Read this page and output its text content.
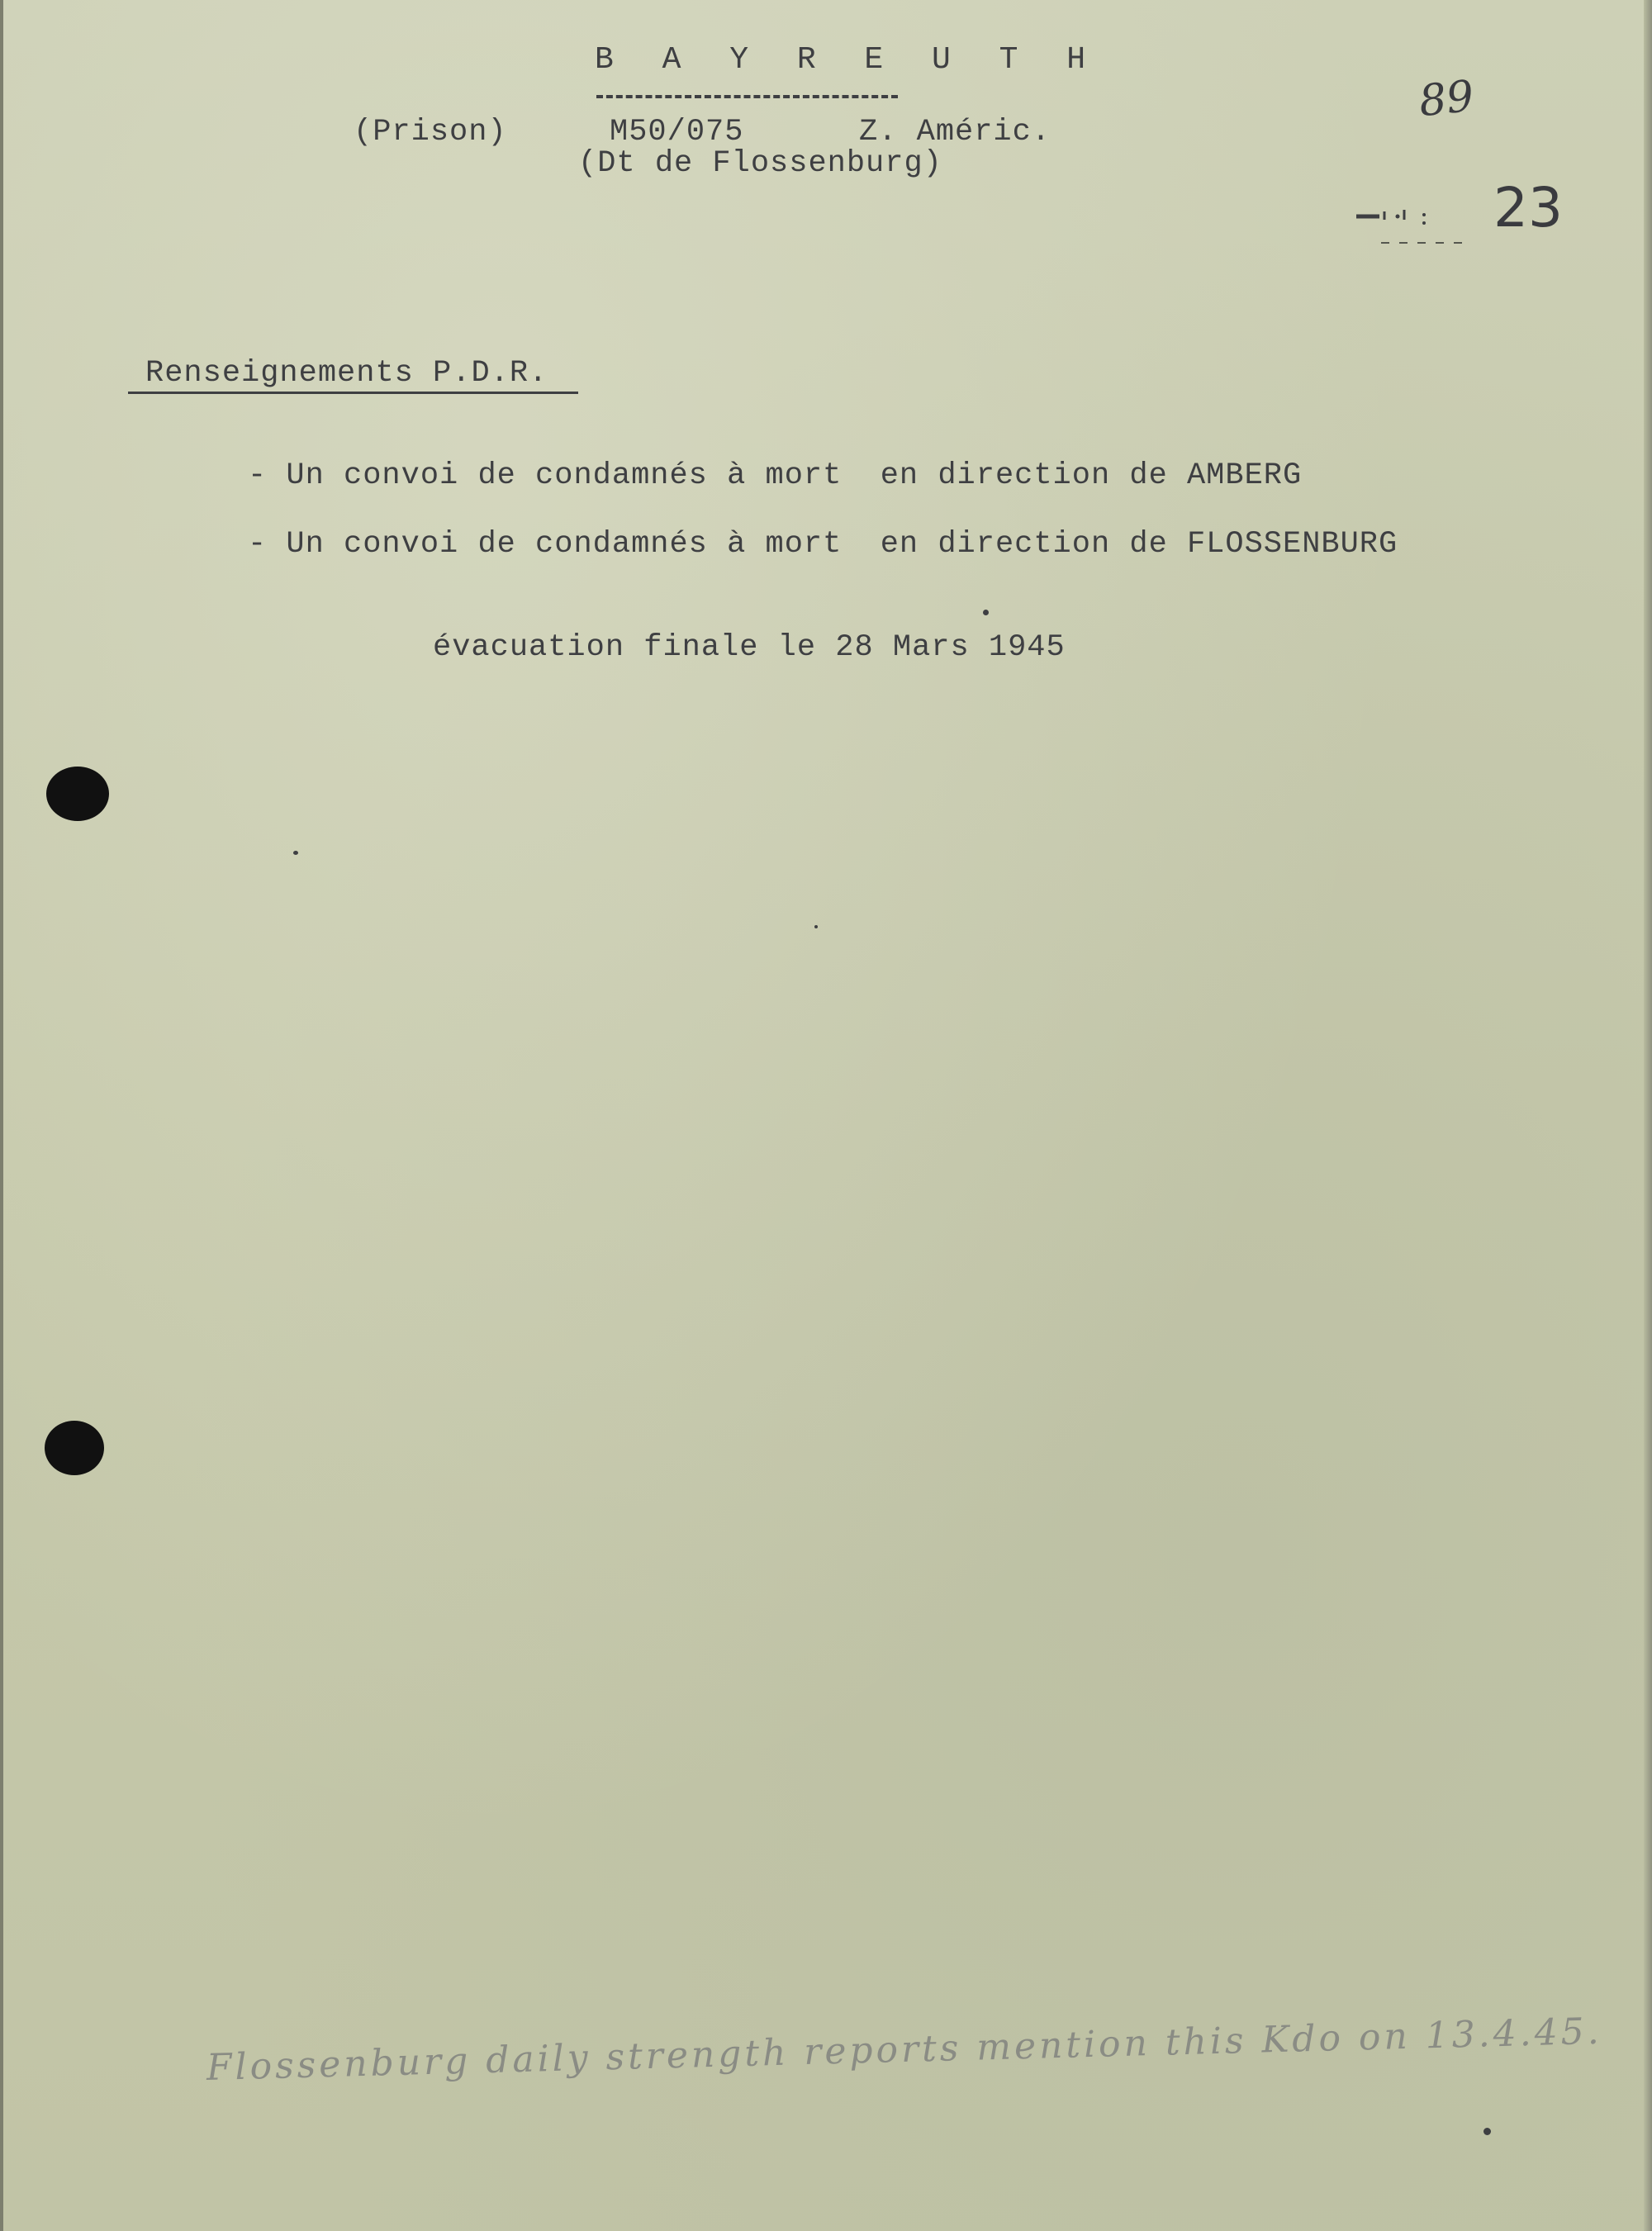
B A Y R E U T H
(Prison)	M50/075	Z. Améric.
(Dt de Flossenburg)
89
23
Renseignements P.D.R.
- Un convoi de condamnés à mort  en direction de AMBERG
- Un convoi de condamnés à mort  en direction de FLOSSENBURG
évacuation finale le 28 Mars 1945
Flossenburg daily strength reports mention this Kdo on 13.4.45.
